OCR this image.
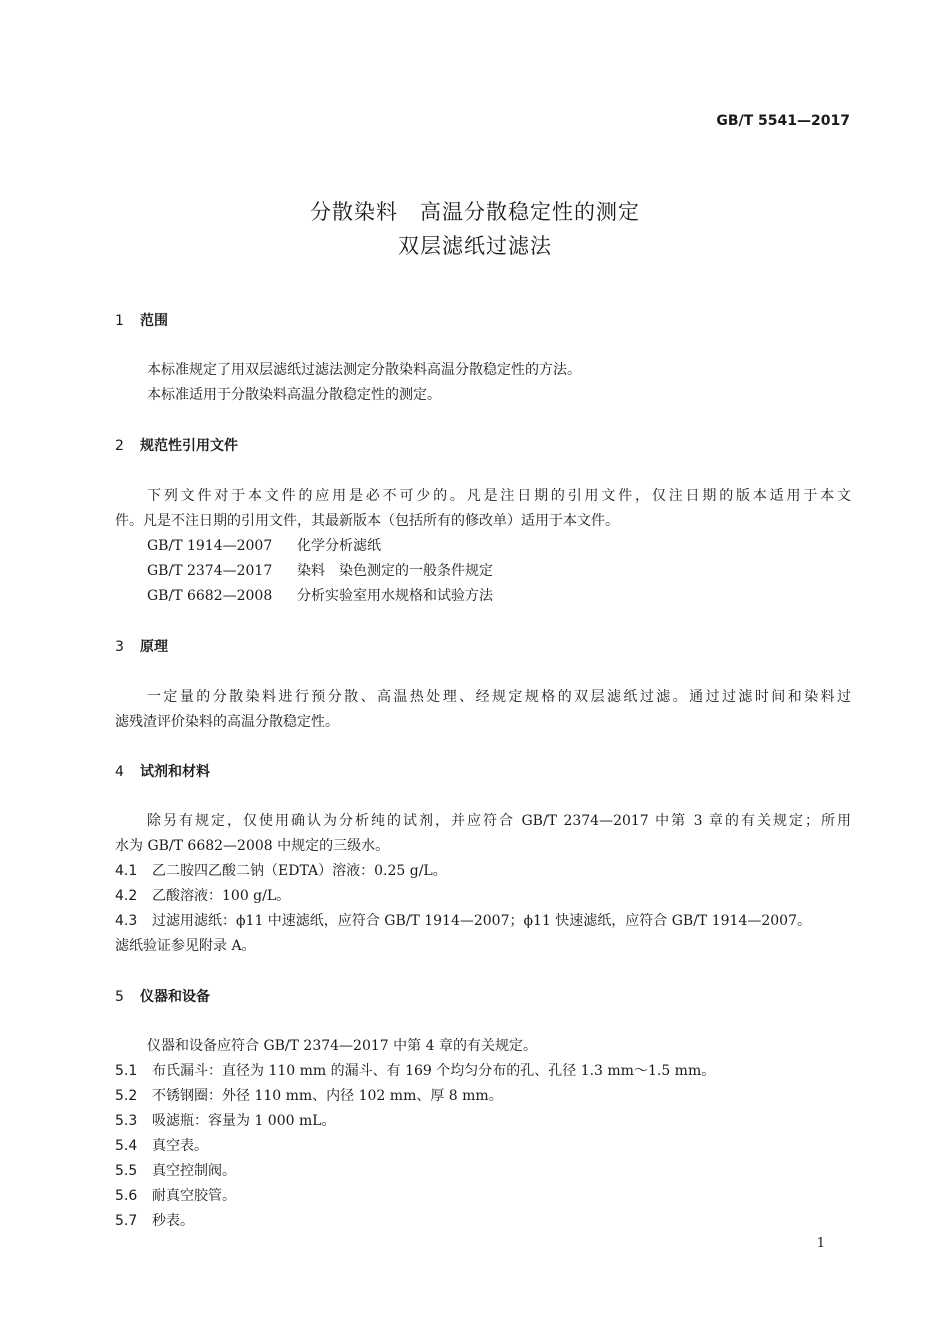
GB/T 5541—2017
分散染料　高温分散稳定性的测定
双层滤纸过滤法
1 范围
本标准规定了用双层滤纸过滤法测定分散染料高温分散稳定性的方法。
本标准适用于分散染料高温分散稳定性的测定。
2 规范性引用文件
下列文件对于本文件的应用是必不可少的。凡是注日期的引用文件，仅注日期的版本适用于本文
件。凡是不注日期的引用文件，其最新版本（包括所有的修改单）适用于本文件。
GB/T 1914—2007 化学分析滤纸
GB/T 2374—2017 染料　染色测定的一般条件规定
GB/T 6682—2008 分析实验室用水规格和试验方法
3 原理
一定量的分散染料进行预分散、高温热处理、经规定规格的双层滤纸过滤。通过过滤时间和染料过
滤残渣评价染料的高温分散稳定性。
4 试剂和材料
除另有规定，仅使用确认为分析纯的试剂，并应符合 GB/T 2374—2017 中第 3 章的有关规定；所用
水为 GB/T 6682—2008 中规定的三级水。
4.1 乙二胺四乙酸二钠（EDTA）溶液：0.25 g/L。
4.2 乙酸溶液：100 g/L。
4.3 过滤用滤纸：ϕ11 中速滤纸，应符合 GB/T 1914—2007；ϕ11 快速滤纸，应符合 GB/T 1914—2007。
滤纸验证参见附录 A。
5 仪器和设备
仪器和设备应符合 GB/T 2374—2017 中第 4 章的有关规定。
5.1 布氏漏斗：直径为 110 mm 的漏斗、有 169 个均匀分布的孔、孔径 1.3 mm～1.5 mm。
5.2 不锈钢圈：外径 110 mm、内径 102 mm、厚 8 mm。
5.3 吸滤瓶：容量为 1 000 mL。
5.4 真空表。
5.5 真空控制阀。
5.6 耐真空胶管。
5.7 秒表。
1
